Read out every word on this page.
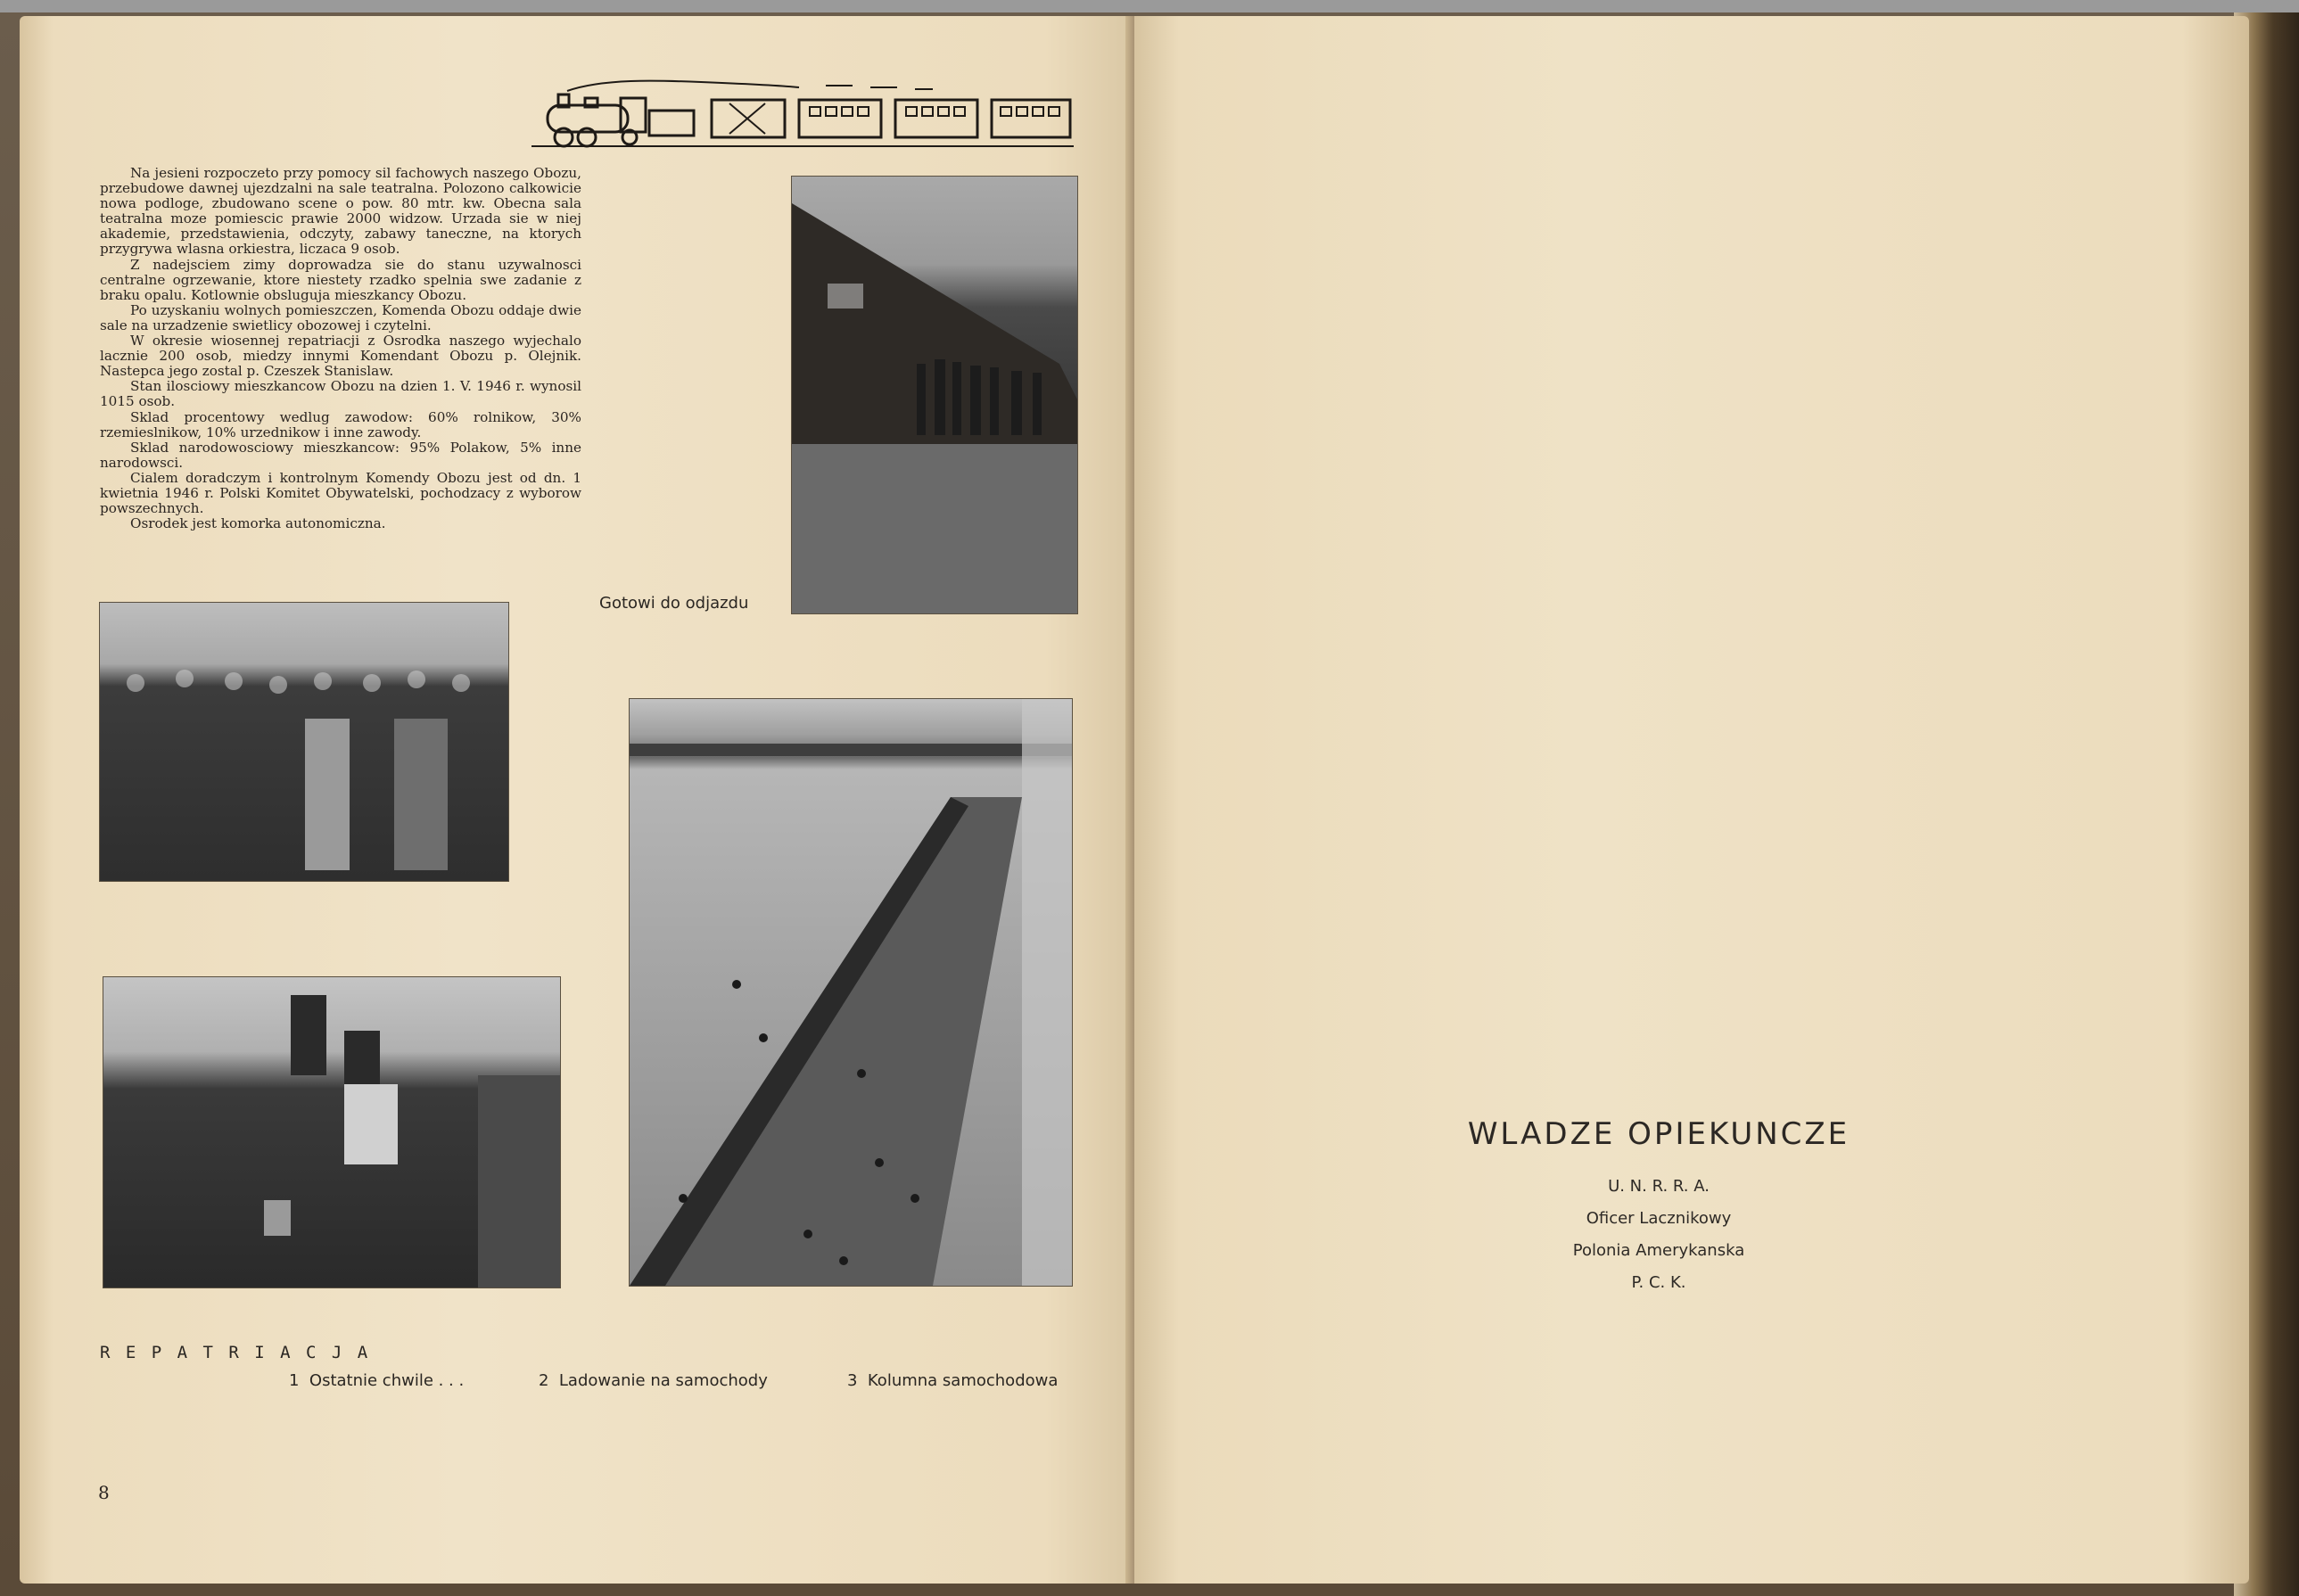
Na jesieni rozpoczeto przy pomocy sil fachowych naszego Obozu, przebudowe dawnej ujezdzalni na sale teatralna. Polozono calkowicie nowa podloge, zbudowano scene o pow. 80 mtr. kw. Obecna sala teatralna moze pomiescic prawie 2000 widzow. Urzada sie w niej akademie, przedstawienia, odczyty, zabawy taneczne, na ktorych przygrywa wlasna orkiestra, liczaca 9 osob.

Z nadejsciem zimy doprowadza sie do stanu uzywalnosci centralne ogrzewanie, ktore niestety rzadko spelnia swe zadanie z braku opalu. Kotlownie obsluguja mieszkancy Obozu.

Po uzyskaniu wolnych pomieszczen, Komenda Obozu oddaje dwie sale na urzadzenie swietlicy obozowej i czytelni.

W okresie wiosennej repatriacji z Osrodka naszego wyjechalo lacznie 200 osob, miedzy innymi Komendant Obozu p. Olejnik. Nastepca jego zostal p. Czeszek Stanislaw.

Stan ilosciowy mieszkancow Obozu na dzien 1. V. 1946 r. wynosil 1015 osob.

Sklad procentowy wedlug zawodow: 60% rolnikow, 30% rzemieslnikow, 10% urzednikow i inne zawody.

Sklad narodowosciowy mieszkancow: 95% Polakow, 5% inne narodowsci.

Cialem doradczym i kontrolnym Komendy Obozu jest od dn. 1 kwietnia 1946 r. Polski Komitet Obywatelski, pochodzacy z wyborow powszechnych.

Osrodek jest komorka autonomiczna.

Gotowi do odjazdu
R E P A T R I A C J A
1  Ostatnie chwile . . .	2  Ladowanie na samochody	3  Kolumna samochodowa
8
WLADZE OPIEKUNCZE
U. N. R. R. A.
Oficer Lacznikowy
Polonia Amerykanska
P. C. K.
